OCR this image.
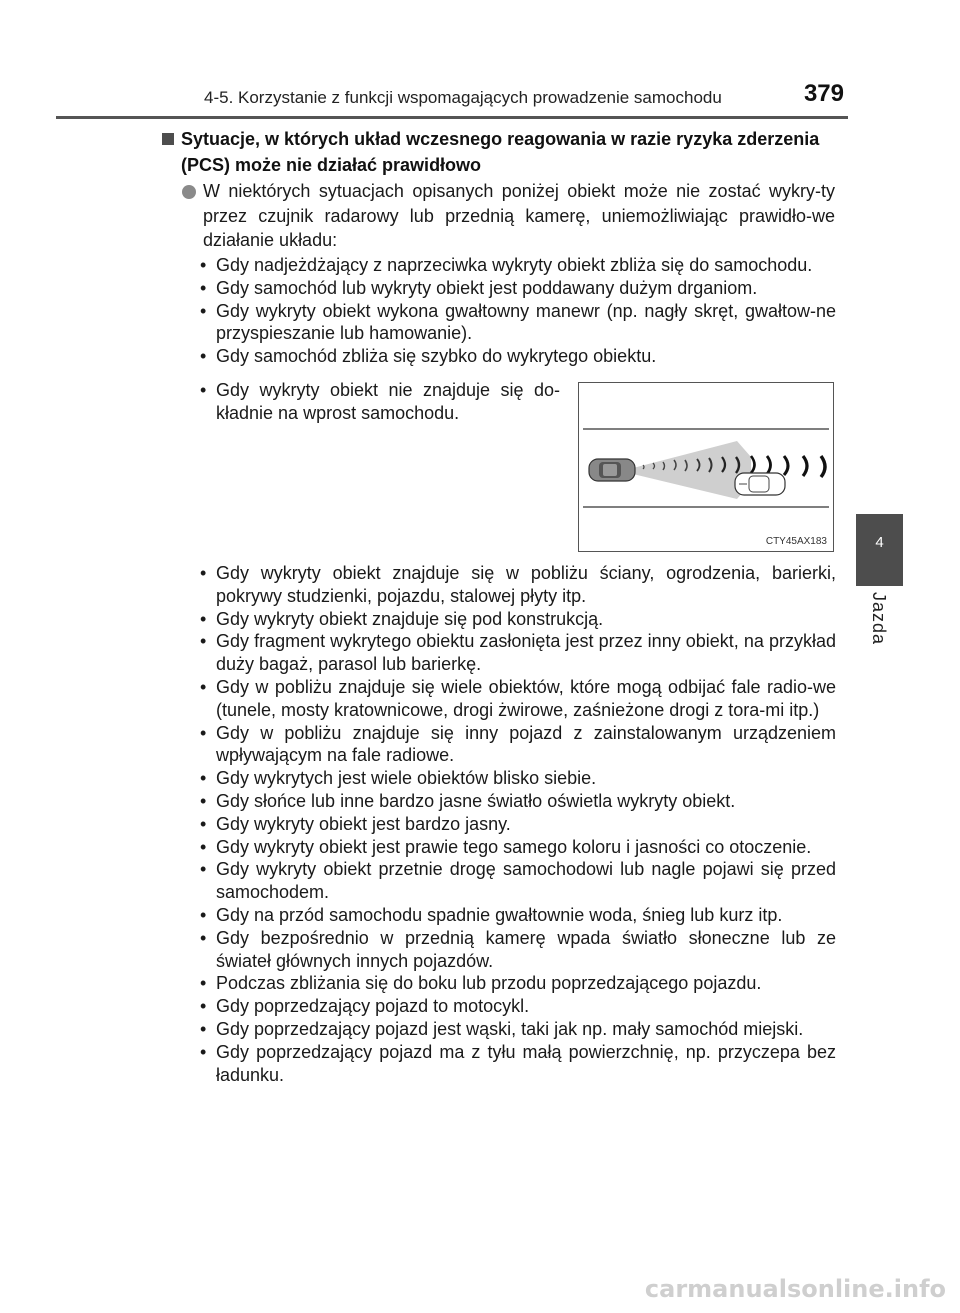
4-5. Korzystanie z funkcji wspomagających prowadzenie samochodu	379
4
Jazda
Sytuacje, w których układ wczesnego reagowania w razie ryzyka zderzenia (PCS) może nie działać prawidłowo
W niektórych sytuacjach opisanych poniżej obiekt może nie zostać wykry-ty przez czujnik radarowy lub przednią kamerę, uniemożliwiając prawidło-we działanie układu:
• Gdy nadjeżdżający z naprzeciwka wykryty obiekt zbliża się do samochodu.
• Gdy samochód lub wykryty obiekt jest poddawany dużym drganiom.
• Gdy wykryty obiekt wykona gwałtowny manewr (np. nagły skręt, gwałtow-ne przyspieszanie lub hamowanie).
• Gdy samochód zbliża się szybko do wykrytego obiektu.
• Gdy wykryty obiekt nie znajduje się do-kładnie na wprost samochodu.
CTY45AX183
• Gdy wykryty obiekt znajduje się w pobliżu ściany, ogrodzenia, barierki, pokrywy studzienki, pojazdu, stalowej płyty itp.
• Gdy wykryty obiekt znajduje się pod konstrukcją.
• Gdy fragment wykrytego obiektu zasłonięta jest przez inny obiekt, na przykład duży bagaż, parasol lub barierkę.
• Gdy w pobliżu znajduje się wiele obiektów, które mogą odbijać fale radio-we (tunele, mosty kratownicowe, drogi żwirowe, zaśnieżone drogi z tora-mi itp.)
• Gdy w pobliżu znajduje się inny pojazd z zainstalowanym urządzeniem wpływającym na fale radiowe.
• Gdy wykrytych jest wiele obiektów blisko siebie.
• Gdy słońce lub inne bardzo jasne światło oświetla wykryty obiekt.
• Gdy wykryty obiekt jest bardzo jasny.
• Gdy wykryty obiekt jest prawie tego samego koloru i jasności co otoczenie.
• Gdy wykryty obiekt przetnie drogę samochodowi lub nagle pojawi się przed samochodem.
• Gdy na przód samochodu spadnie gwałtownie woda, śnieg lub kurz itp.
• Gdy bezpośrednio w przednią kamerę wpada światło słoneczne lub ze świateł głównych innych pojazdów.
• Podczas zbliżania się do boku lub przodu poprzedzającego pojazdu.
• Gdy poprzedzający pojazd to motocykl.
• Gdy poprzedzający pojazd jest wąski, taki jak np. mały samochód miejski.
• Gdy poprzedzający pojazd ma z tyłu małą powierzchnię, np. przyczepa bez ładunku.
carmanualsonline.info
